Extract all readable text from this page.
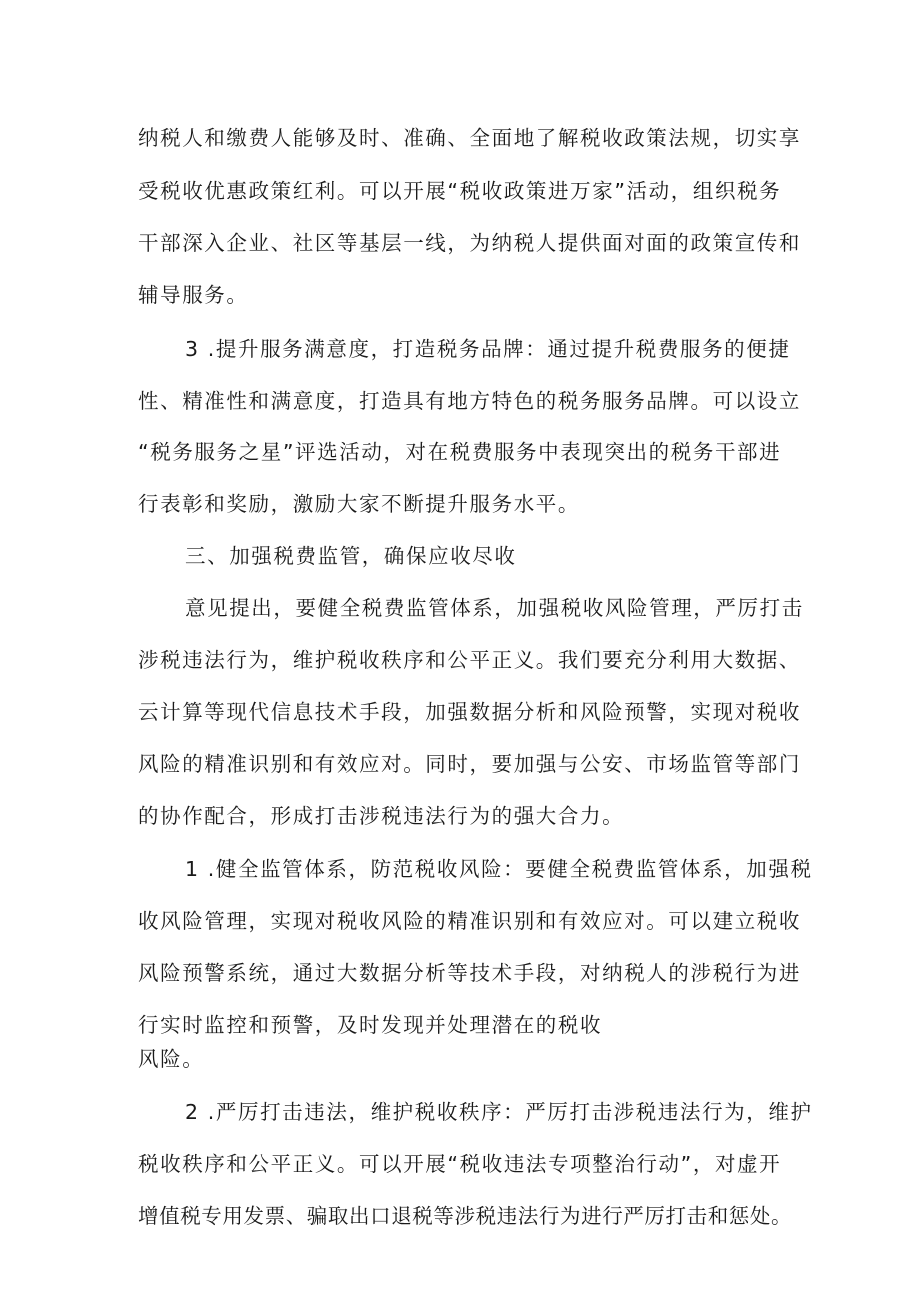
纳税人和缴费人能够及时、准确、全面地了解税收政策法规，切实享
受税收优惠政策红利。可以开展“税收政策进万家”活动，组织税务
干部深入企业、社区等基层一线，为纳税人提供面对面的政策宣传和
辅导服务。
3 .提升服务满意度，打造税务品牌：通过提升税费服务的便捷
性、精准性和满意度，打造具有地方特色的税务服务品牌。可以设立
“税务服务之星”评选活动，对在税费服务中表现突出的税务干部进
行表彰和奖励，激励大家不断提升服务水平。
三、加强税费监管，确保应收尽收
意见提出，要健全税费监管体系，加强税收风险管理，严厉打击
涉税违法行为，维护税收秩序和公平正义。我们要充分利用大数据、
云计算等现代信息技术手段，加强数据分析和风险预警，实现对税收
风险的精准识别和有效应对。同时，要加强与公安、市场监管等部门
的协作配合，形成打击涉税违法行为的强大合力。
1 .健全监管体系，防范税收风险：要健全税费监管体系，加强税
收风险管理，实现对税收风险的精准识别和有效应对。可以建立税收
风险预警系统，通过大数据分析等技术手段，对纳税人的涉税行为进
行实时监控和预警，及时发现并处理潜在的税收
风险。
2 .严厉打击违法，维护税收秩序：严厉打击涉税违法行为，维护
税收秩序和公平正义。可以开展“税收违法专项整治行动”，对虚开
增值税专用发票、骗取出口退税等涉税违法行为进行严厉打击和惩处。
